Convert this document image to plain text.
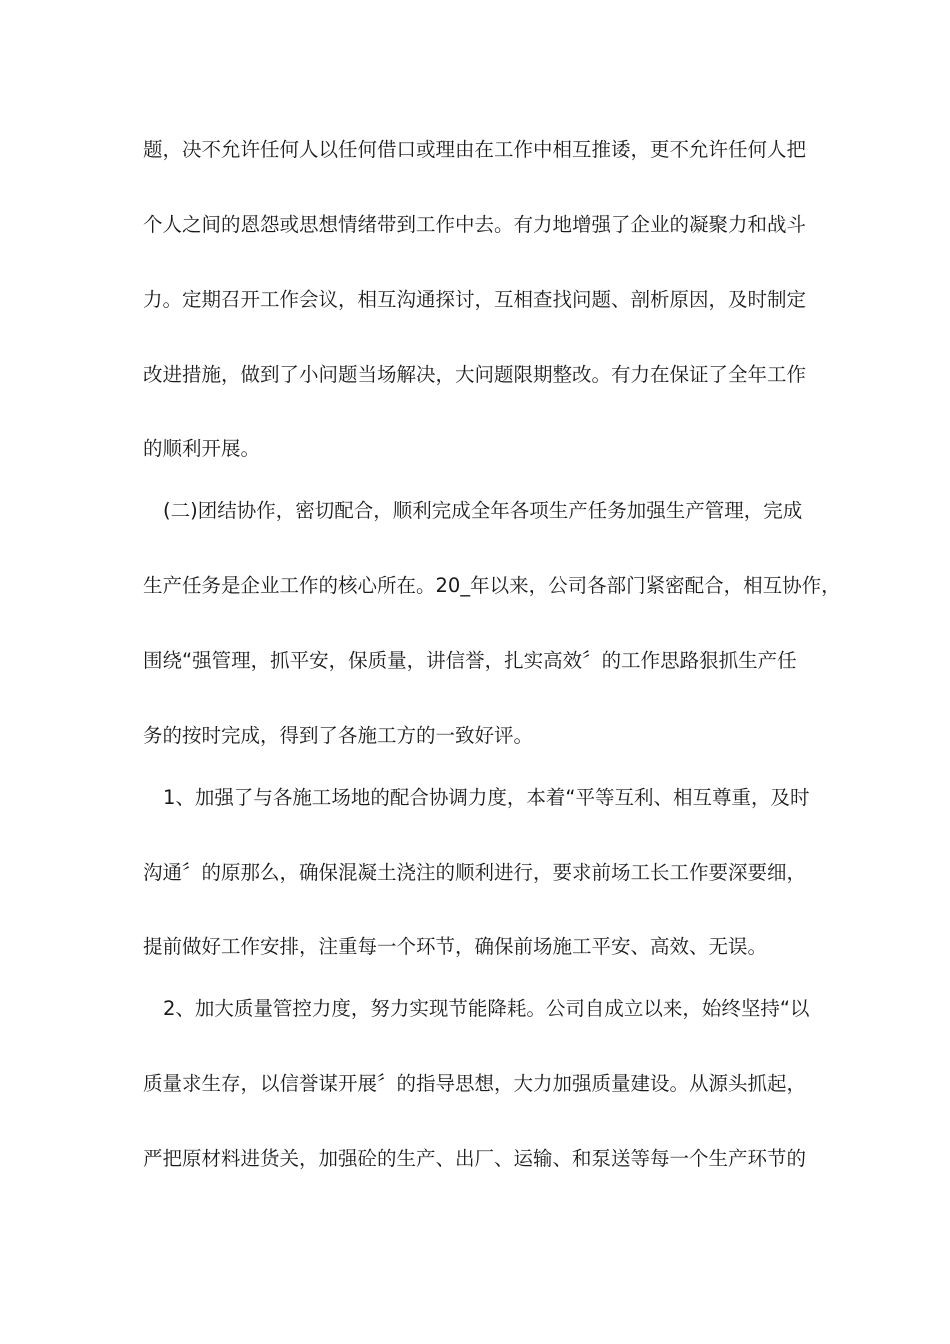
题，决不允许任何人以任何借口或理由在工作中相互推诿，更不允许任何人把

个人之间的恩怨或思想情绪带到工作中去。有力地增强了企业的凝聚力和战斗

力。定期召开工作会议，相互沟通探讨，互相查找问题、剖析原因，及时制定

改进措施，做到了小问题当场解决，大问题限期整改。有力在保证了全年工作

的顺利开展。

(二)团结协作，密切配合，顺利完成全年各项生产任务加强生产管理，完成

生产任务是企业工作的核心所在。20_年以来，公司各部门紧密配合，相互协作，

围绕“强管理，抓平安，保质量，讲信誉，扎实高效〞的工作思路狠抓生产任

务的按时完成，得到了各施工方的一致好评。

1、加强了与各施工场地的配合协调力度，本着“平等互利、相互尊重，及时

沟通〞的原那么，确保混凝土浇注的顺利进行，要求前场工长工作要深要细，

提前做好工作安排，注重每一个环节，确保前场施工平安、高效、无误。

2、加大质量管控力度，努力实现节能降耗。公司自成立以来，始终坚持“以

质量求生存，以信誉谋开展〞的指导思想，大力加强质量建设。从源头抓起，

严把原材料进货关，加强砼的生产、出厂、运输、和泵送等每一个生产环节的
